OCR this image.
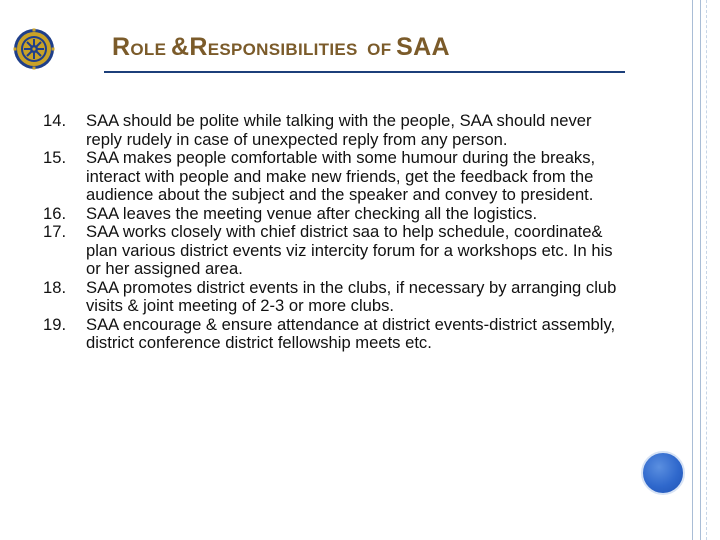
ROLE &RESPONSIBILITIES OF SAA
14.	SAA should be polite while talking with the people, SAA should never reply rudely in case of unexpected reply from any person.
15.	SAA makes people comfortable with some humour during the breaks, interact with people and make new friends, get the feedback from the audience about the subject and the speaker and convey to president.
16.	SAA leaves the meeting venue after checking all the logistics.
17.	SAA works closely with chief district saa to help schedule, coordinate& plan various district events viz intercity forum for a workshops etc. In his or her assigned area.
18.	SAA promotes district events in the clubs, if necessary by arranging club visits & joint meeting of 2-3 or more clubs.
19.	SAA encourage & ensure attendance at district events-district assembly, district conference district fellowship meets etc.
